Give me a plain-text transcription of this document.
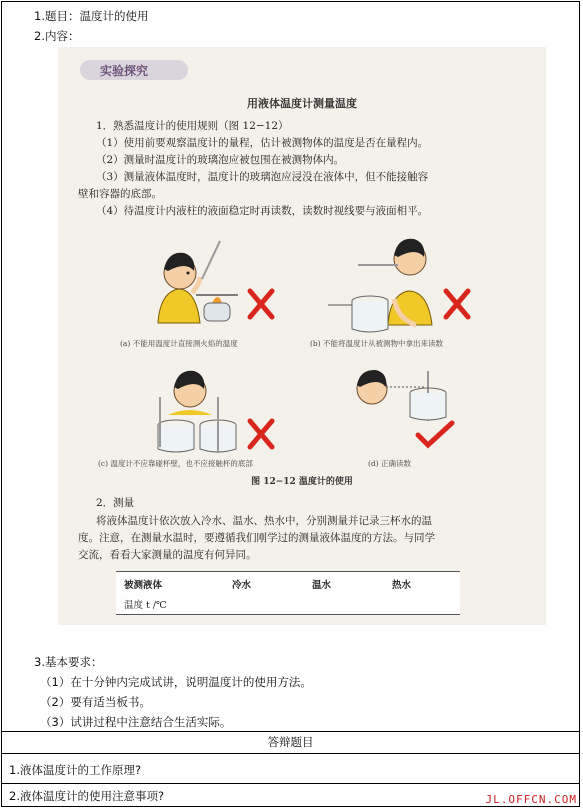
1.题目：温度计的使用
2.内容：
实验探究
用液体温度计测量温度
1．熟悉温度计的使用规则（图 12−12）
（1）使用前要观察温度计的量程，估计被测物体的温度是否在量程内。
（2）测量时温度计的玻璃泡应被包围在被测物体内。
（3）测量液体温度时，温度计的玻璃泡应浸没在液体中，但不能接触容
壁和容器的底部。
（4）待温度计内液柱的液面稳定时再读数，读数时视线要与液面相平。
(a) 不能用温度计直接测火焰的温度	(b) 不能将温度计从被测物中拿出来读数
(c) 温度计不应靠碰杯壁，也不应接触杯的底部	(d) 正确读数
图 12−12 温度计的使用
2．测量
将液体温度计依次放入冷水、温水、热水中，分别测量并记录三杯水的温
度。注意，在测量水温时，要遵循我们刚学过的测量液体温度的方法。与同学
交流，看看大家测量的温度有何异同。
被测液体	冷水	温水	热水
温度 t /℃
3.基本要求：
（1）在十分钟内完成试讲，说明温度计的使用方法。
（2）要有适当板书。
（3）试讲过程中注意结合生活实际。
答辩题目
1.液体温度计的工作原理?
2.液体温度计的使用注意事项?	JL.OFFCN.COM
